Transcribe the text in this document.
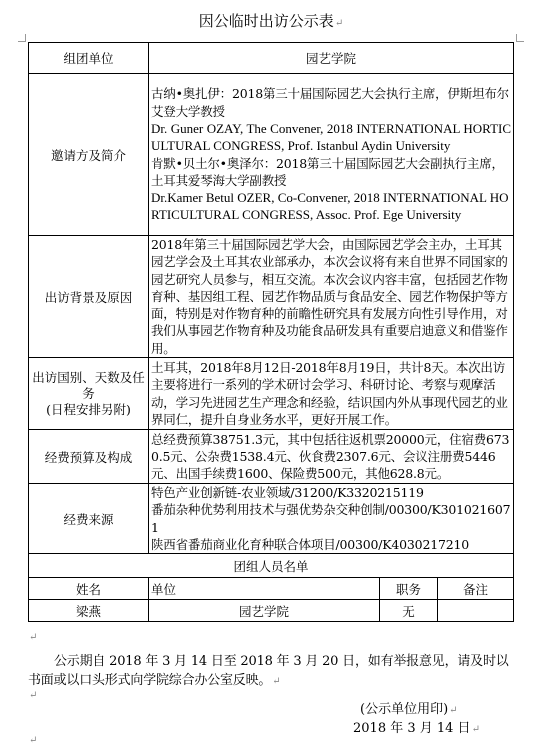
因公临时出访公示表↵
组团单位	园艺学院		
邀请方及简介	古纳•奥扎伊：2018第三十届国际园艺大会执行主席，伊斯坦布尔艾登大学教授
Dr. Guner OZAY, The Convener, 2018 INTERNATIONAL HORTICULTURAL CONGRESS, Prof. Istanbul Aydin University
肯默•贝土尔•奥泽尔：2018第三十届国际园艺大会副执行主席，土耳其爱琴海大学副教授
Dr.Kamer Betul OZER, Co-Convener, 2018 INTERNATIONAL HORTICULTURAL CONGRESS, Assoc. Prof. Ege University		

出访背景及原因	2018年第三十届国际园艺学大会，由国际园艺学会主办，土耳其园艺学会及土耳其农业部承办，本次会议将有来自世界不同国家的园艺研究人员参与，相互交流。本次会议内容丰富，包括园艺作物育种、基因组工程、园艺作物品质与食品安全、园艺作物保护等方面，特别是对作物育种的前瞻性研究具有发展方向性引导作用，对我们从事园艺作物育种及功能食品研发具有重要启迪意义和借鉴作用。		

出访国别、天数及任务
(日程安排另附)	土耳其，2018年8月12日-2018年8月19日，共计8天。本次出访主要将进行一系列的学术研讨会学习、科研讨论、考察与观摩活动，学习先进园艺生产理念和经验，结识国内外从事现代园艺的业界同仁，提升自身业务水平，更好开展工作。		
经费预算及构成	总经费预算38751.3元，其中包括往返机票20000元，住宿费6730.5元、公杂费1538.4元、伙食费2307.6元、会议注册费5446元、出国手续费1600、保险费500元，其他628.8元。		
经费来源	特色产业创新链-农业领域/31200/K3320215119
番茄杂种优势利用技术与强优势杂交种创制/00300/K3010216071
陕西省番茄商业化育种联合体项目/00300/K4030217210		

团组人员名单			
姓名	单位	职务	备注
梁燕	园艺学院	无	
↵
公示期自 2018 年 3 月 14 日至 2018 年 3 月 20 日，如有举报意见，请及时以书面或以口头形式向学院综合办公室反映。↵
↵
(公示单位用印)↵
2018 年 3 月 14 日↵
↵
